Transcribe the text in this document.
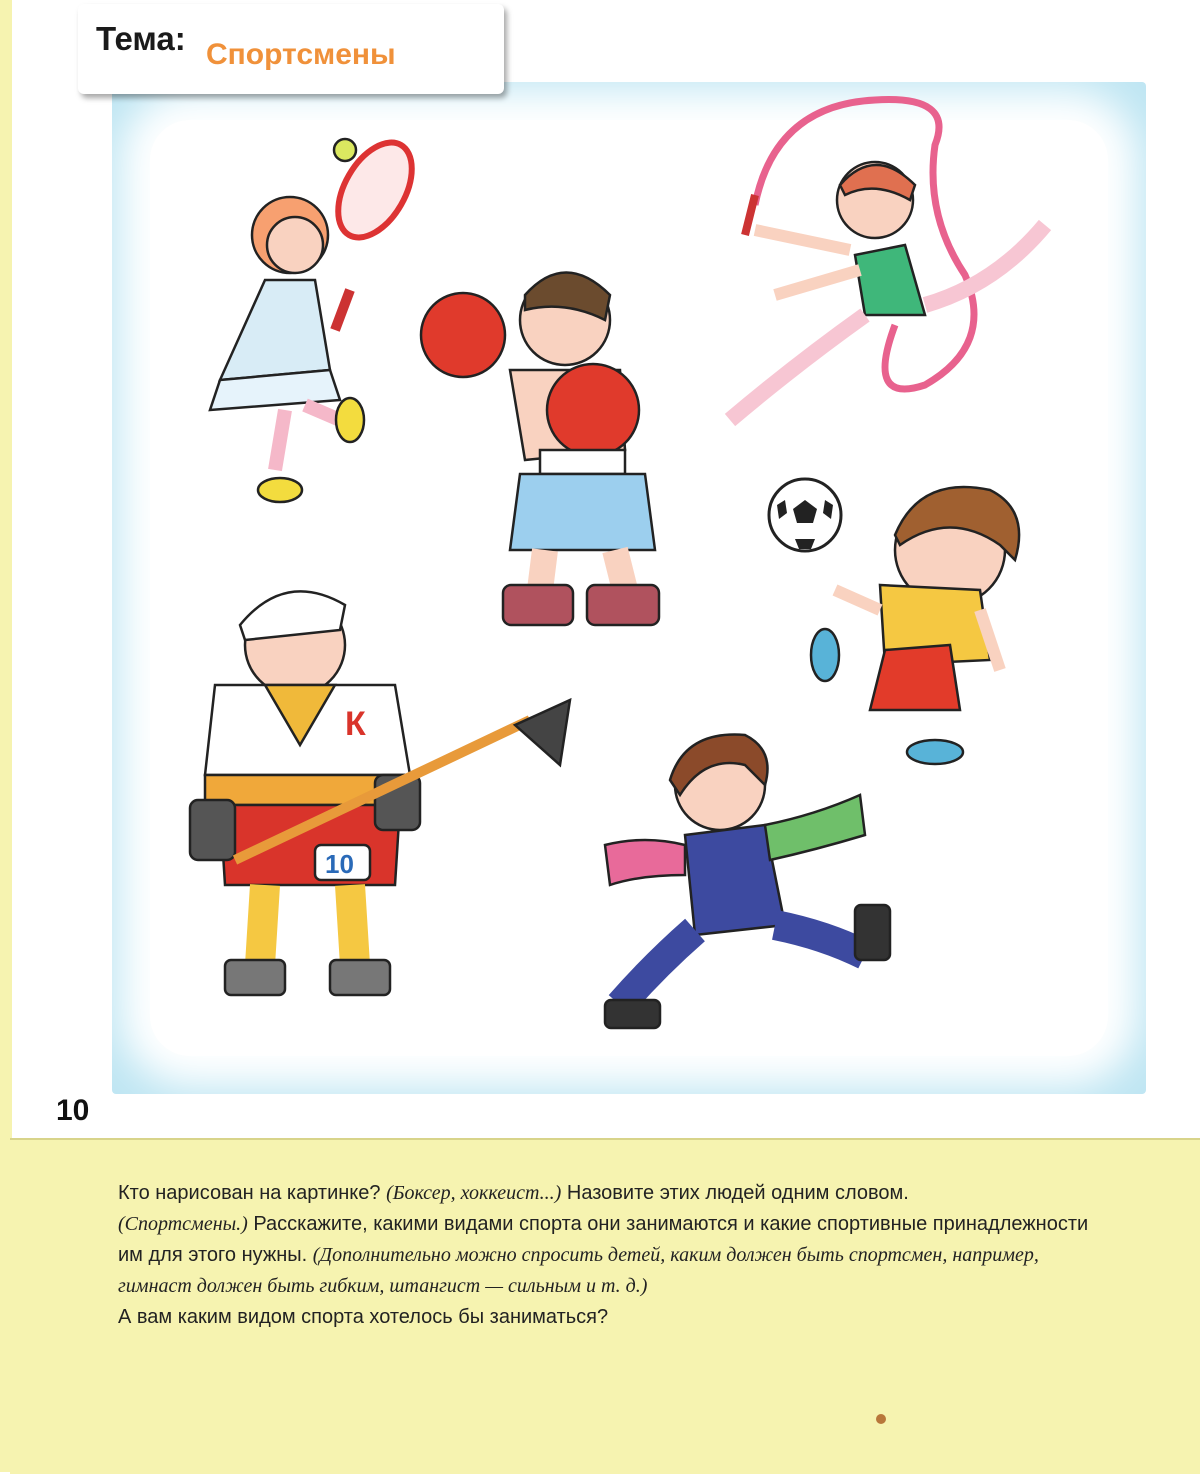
Тема: Спортсмены
К
10
10

Кто нарисован на картинке? (Боксер, хоккеист...) Назовите этих людей одним словом.
(Спортсмены.) Расскажите, какими видами спорта они занимаются и какие спортивные принадлежности им для этого нужны. (Дополнительно можно спросить детей, каким должен быть спортсмен, например, гимнаст должен быть гибким, штангист — сильным и т. д.)

А вам каким видом спорта хотелось бы заниматься?
